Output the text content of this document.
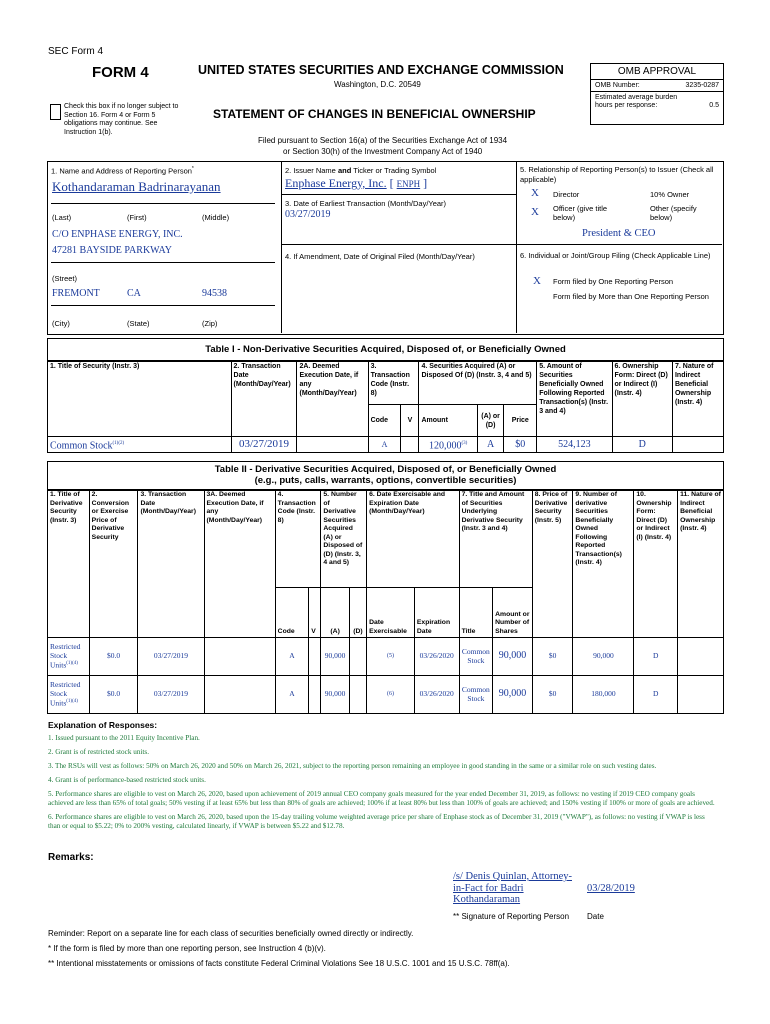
SEC Form 4
FORM 4	UNITED STATES SECURITIES AND EXCHANGE COMMISSION
Washington, D.C. 20549
Check this box if no longer subject to Section 16. Form 4 or Form 5 obligations may continue. See Instruction 1(b).
STATEMENT OF CHANGES IN BENEFICIAL OWNERSHIP
Filed pursuant to Section 16(a) of the Securities Exchange Act of 1934
or Section 30(h) of the Investment Company Act of 1940
OMB APPROVAL
OMB Number:	3235-0287
Estimated average burden
hours per response:	0.5
1. Name and Address of Reporting Person*
Kothandaraman Badrinarayanan
(Last)	(First)	(Middle)
C/O ENPHASE ENERGY, INC.
47281 BAYSIDE PARKWAY
(Street)
FREMONT	CA	94538
(City)	(State)	(Zip)
2. Issuer Name and Ticker or Trading Symbol
Enphase Energy, Inc. [ ENPH ]
3. Date of Earliest Transaction (Month/Day/Year)
03/27/2019
4. If Amendment, Date of Original Filed (Month/Day/Year)
5. Relationship of Reporting Person(s) to Issuer (Check all applicable)
X Director	10% Owner
X Officer (give title below)
Other (specify below)
President & CEO
6. Individual or Joint/Group Filing (Check Applicable Line)
X Form filed by One Reporting Person
Form filed by More than One Reporting Person
Table I - Non-Derivative Securities Acquired, Disposed of, or Beneficially Owned
1. Title of Security (Instr. 3)	2. Transaction Date (Month/Day/Year)	2A. Deemed Execution Date, if any (Month/Day/Year)	3. Transaction Code (Instr. 8)		4. Securities Acquired (A) or Disposed Of (D) (Instr. 3, 4 and 5)			5. Amount of Securities Beneficially Owned Following Reported Transaction(s) (Instr. 3 and 4)	6. Ownership Form: Direct (D) or Indirect (I) (Instr. 4)	7. Nature of Indirect Beneficial Ownership (Instr. 4)
			Code	V	Amount	(A) or (D)	Price			
Common Stock$^{(1)(2)}$	03/27/2019		A		120,000$^{(3)}$	A	$0	524,123	D	
Table II - Derivative Securities Acquired, Disposed of, or Beneficially Owned
(e.g., puts, calls, warrants, options, convertible securities)
1. Title of Derivative Security (Instr. 3)	2. Conversion or Exercise Price of Derivative Security	3. Transaction Date (Month/Day/Year)	3A. Deemed Execution Date, if any (Month/Day/Year)	4. Transaction Code (Instr. 8)		5. Number of Derivative Securities Acquired (A) or Disposed of (D) (Instr. 3, 4 and 5)		6. Date Exercisable and Expiration Date (Month/Day/Year)		7. Title and Amount of Securities Underlying Derivative Security (Instr. 3 and 4)		8. Price of Derivative Security (Instr. 5)	9. Number of derivative Securities Beneficially Owned Following Reported Transaction(s) (Instr. 4)	10. Ownership Form: Direct (D) or Indirect (I) (Instr. 4)	11. Nature of Indirect Beneficial Ownership (Instr. 4)
				Code	V	(A)	(D)	Date Exercisable	Expiration Date	Title	Amount or Number of Shares				
Restricted Stock Units$^{(1)(4)}$	$0.0	03/27/2019		A		90,000		(5)	03/26/2020	Common Stock	90,000	$0	90,000	D	
Restricted Stock Units$^{(1)(4)}$	$0.0	03/27/2019		A		90,000		(6)	03/26/2020	Common Stock	90,000	$0	180,000	D	
Explanation of Responses:
1. Issued pursuant to the 2011 Equity Incentive Plan.
2. Grant is of restricted stock units.
3. The RSUs will vest as follows: 50% on March 26, 2020 and 50% on March 26, 2021, subject to the reporting person remaining an employee in good standing in the same or a similar role on such vesting dates.
4. Grant is of performance-based restricted stock units.
5. Performance shares are eligible to vest on March 26, 2020, based upon achievement of 2019 annual CEO company goals measured for the year ended December 31, 2019, as follows: no vesting if 2019 CEO company goals achieved are less than 65% of total goals; 50% vesting if at least 65% but less than 80% of goals are achieved; 100% if at least 80% but less than 100% of goals are achieved; and 150% vesting if 100% or more of goals are achieved.
6. Performance shares are eligible to vest on March 26, 2020, based upon the 15-day trailing volume weighted average price per share of Enphase stock as of December 31, 2019 ("VWAP"), as follows: no vesting if VWAP is less than or equal to $5.22; 0% to 200% vesting, calculated linearly, if VWAP is between $5.22 and $12.78.
Remarks:
/s/ Denis Quinlan, Attorney-in-Fact for Badri Kothandaraman
03/28/2019
** Signature of Reporting Person Date
Reminder: Report on a separate line for each class of securities beneficially owned directly or indirectly.
* If the form is filed by more than one reporting person, see Instruction 4 (b)(v).
** Intentional misstatements or omissions of facts constitute Federal Criminal Violations See 18 U.S.C. 1001 and 15 U.S.C. 78ff(a).
